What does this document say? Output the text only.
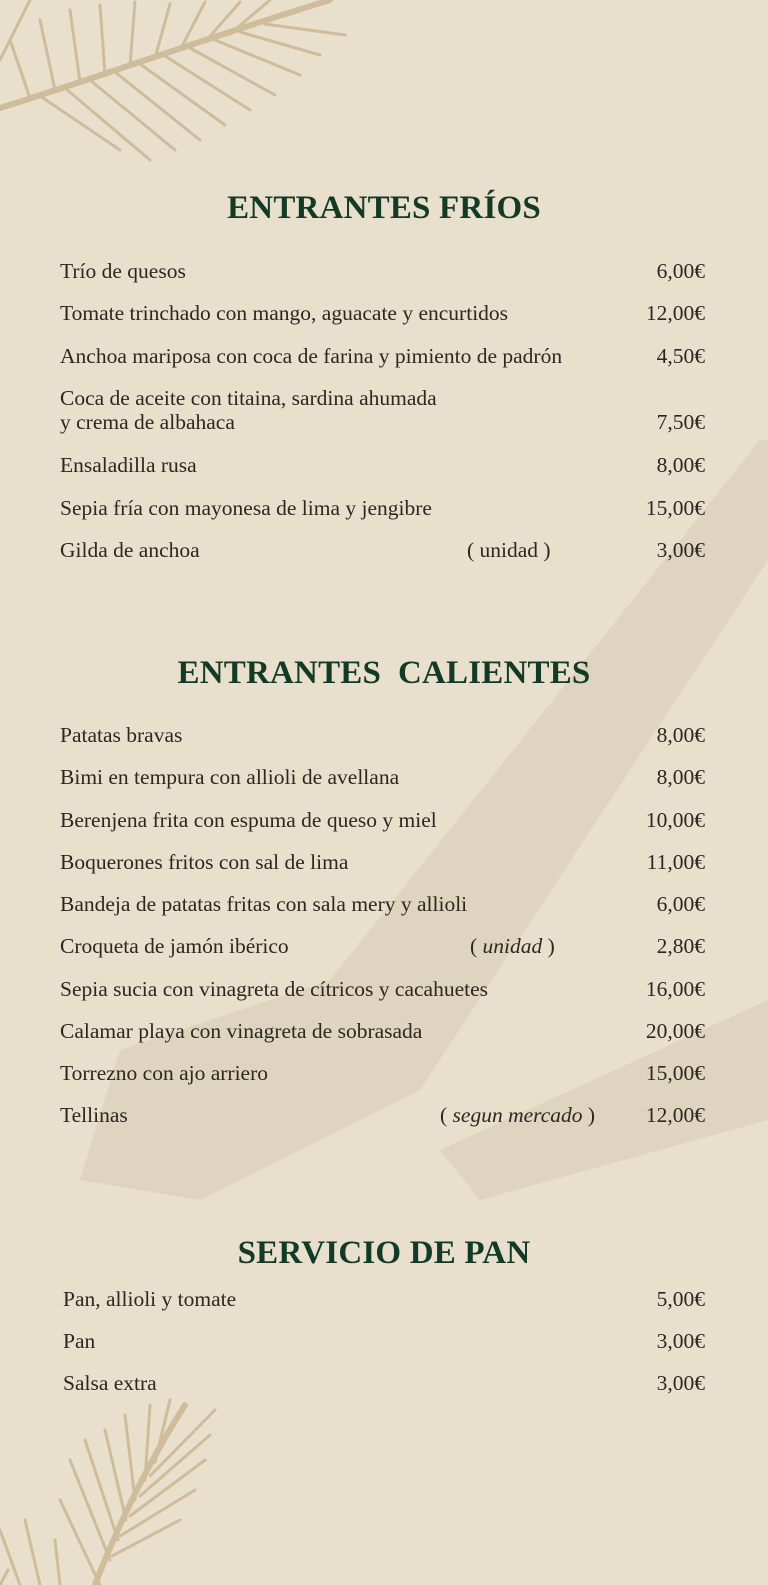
ENTRANTES FRÍOS
Trío de quesos	6,00€
Tomate trinchado con mango, aguacate y encurtidos	12,00€
Anchoa mariposa con coca de farina y pimiento de padrón	4,50€
Coca de aceite con titaina, sardina ahumada
y crema de albahaca	7,50€
Ensaladilla rusa	8,00€
Sepia fría con mayonesa de lima y jengibre	15,00€
Gilda de anchoa	( unidad )	3,00€
ENTRANTES  CALIENTES
Patatas bravas	8,00€
Bimi en tempura con allioli de avellana	8,00€
Berenjena frita con espuma de queso y miel	10,00€
Boquerones fritos con sal de lima	11,00€
Bandeja de patatas fritas con sala mery y allioli	6,00€
Croqueta de jamón ibérico	( unidad )	2,80€
Sepia sucia con vinagreta de cítricos y cacahuetes	16,00€
Calamar playa con vinagreta de sobrasada	20,00€
Torrezno con ajo arriero	15,00€
Tellinas	( segun mercado ) 12,00€
SERVICIO DE PAN
Pan, allioli y tomate	5,00€
Pan	3,00€
Salsa extra	3,00€
